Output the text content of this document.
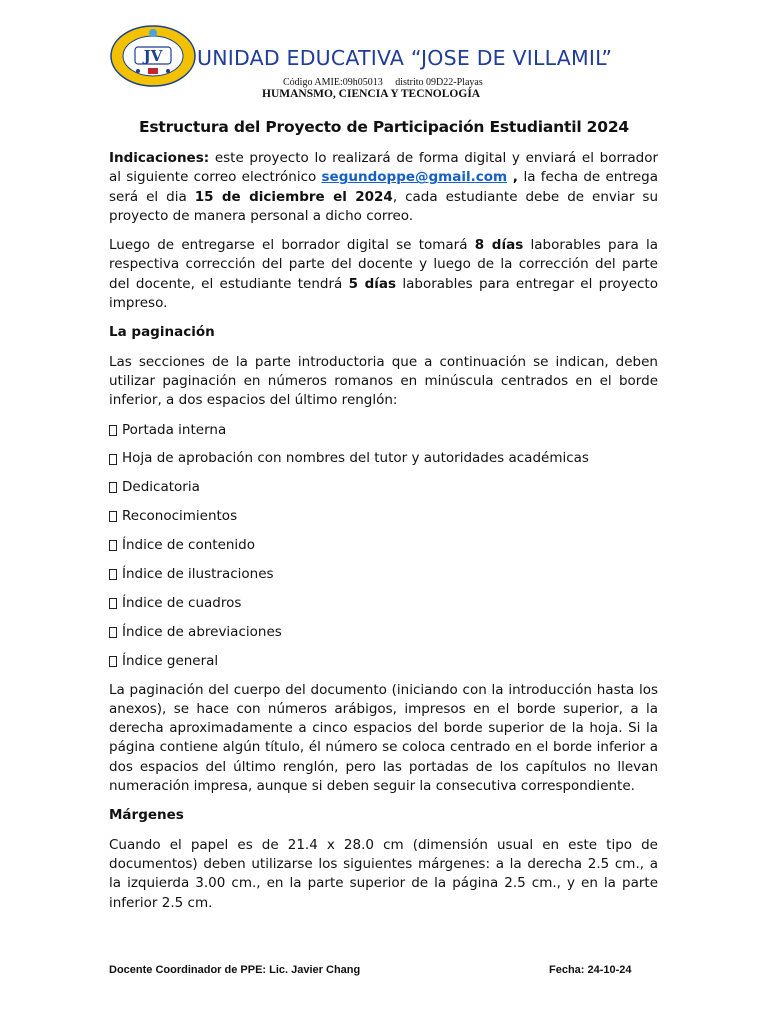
JV UNIDAD EDUCATIVA “JOSE DE VILLAMIL”
Código AMIE:09h05013     distrito 09D22-Playas
HUMANSMO, CIENCIA Y TECNOLOGÍA
Estructura del Proyecto de Participación Estudiantil 2024

Indicaciones: este proyecto lo realizará de forma digital y enviará el borrador al siguiente correo electrónico segundoppe@gmail.com , la fecha de entrega será el dia 15 de diciembre el 2024, cada estudiante debe de enviar su proyecto de manera personal a dicho correo.

Luego de entregarse el borrador digital se tomará 8 días laborables para la respectiva corrección del parte del docente y luego de la corrección del parte del docente, el estudiante tendrá 5 días laborables para entregar el proyecto impreso.

La paginación

Las secciones de la parte introductoria que a continuación se indican, deben utilizar paginación en números romanos en minúscula centrados en el borde inferior, a dos espacios del último renglón:

Portada interna
Hoja de aprobación con nombres del tutor y autoridades académicas
Dedicatoria
Reconocimientos
Índice de contenido
Índice de ilustraciones
Índice de cuadros
Índice de abreviaciones
Índice general

La paginación del cuerpo del documento (iniciando con la introducción hasta los anexos), se hace con números arábigos, impresos en el borde superior, a la derecha aproximadamente a cinco espacios del borde superior de la hoja. Si la página contiene algún título, él número se coloca centrado en el borde inferior a dos espacios del último renglón, pero las portadas de los capítulos no llevan numeración impresa, aunque si deben seguir la consecutiva correspondiente.

Márgenes

Cuando el papel es de 21.4 x 28.0 cm (dimensión usual en este tipo de documentos) deben utilizarse los siguientes márgenes: a la derecha 2.5 cm., a la izquierda 3.00 cm., en la parte superior de la página 2.5 cm., y en la parte inferior 2.5 cm.

Docente Coordinador de PPE: Lic. Javier Chang	Fecha: 24-10-24
